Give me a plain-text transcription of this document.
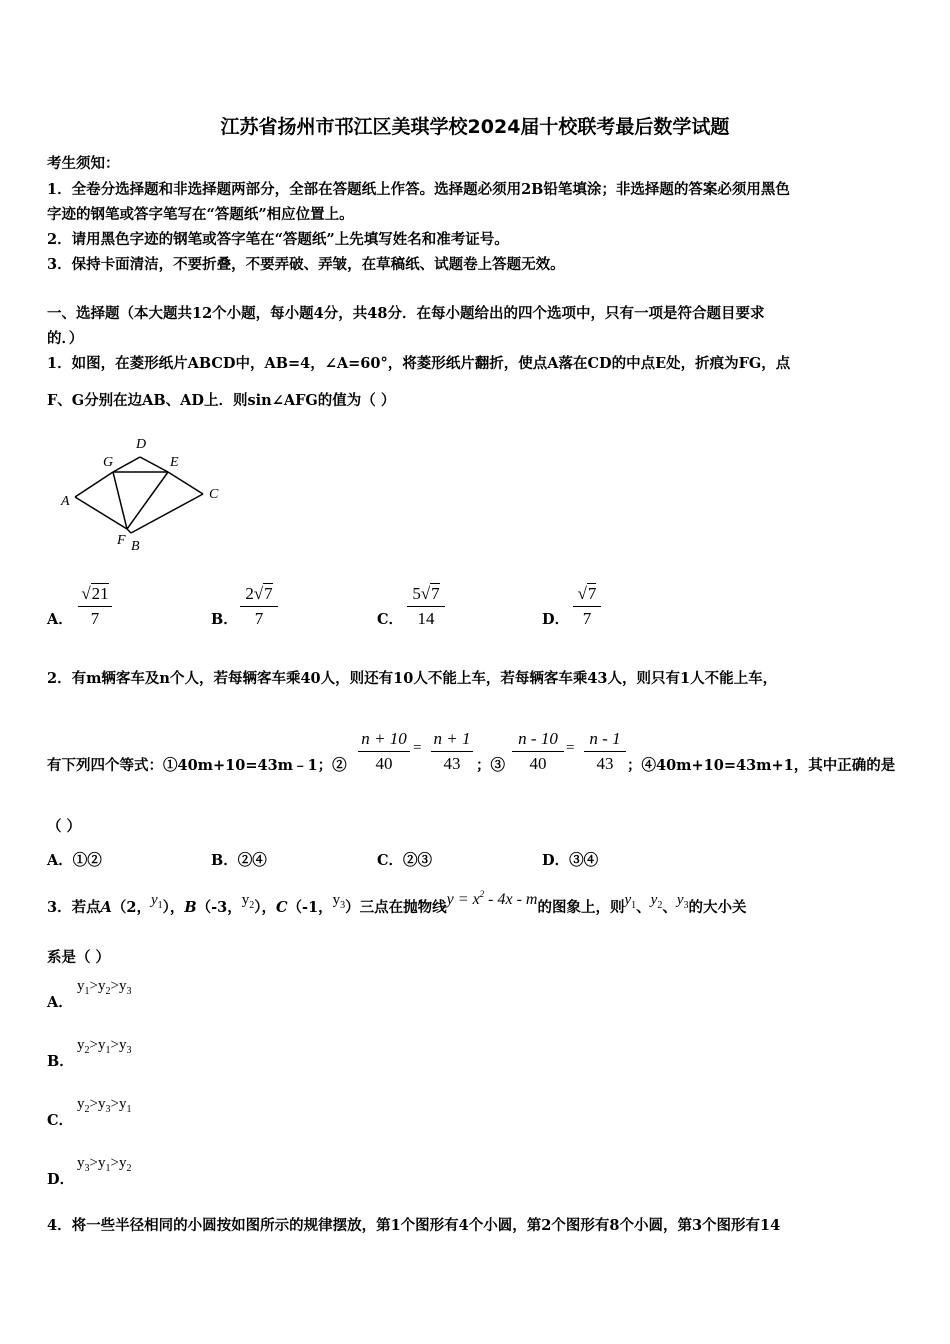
江苏省扬州市邗江区美琪学校2024届十校联考最后数学试题
考生须知：
1．全卷分选择题和非选择题两部分，全部在答题纸上作答。选择题必须用2B铅笔填涂；非选择题的答案必须用黑色
字迹的钢笔或答字笔写在“答题纸”相应位置上。
2．请用黑色字迹的钢笔或答字笔在“答题纸”上先填写姓名和准考证号。
3．保持卡面清洁，不要折叠，不要弄破、弄皱，在草稿纸、试题卷上答题无效。
一、选择题（本大题共12个小题，每小题4分，共48分．在每小题给出的四个选项中，只有一项是符合题目要求
的．）
1．如图，在菱形纸片ABCD中，AB=4，∠A=60°，将菱形纸片翻折，使点A落在CD的中点E处，折痕为FG，点
F、G分别在边AB、AD上．则sin∠AFG的值为（ ）
D
G	E
A	C
F B
A．
√21
7	B．
2√7
7	C．
5√7
14	D．
√7
7
2．有m辆客车及n个人，若每辆客车乘40人，则还有10人不能上车，若每辆客车乘43人，则只有1人不能上车，
有下列四个等式：①40m+10=43m﹣1；②
n + 10
40
= n + 1
43	；③
n - 10
40
= n - 1
43 ；④40m+10=43m+1，其中正确的是
（ ）
A．①②	B．②④	C．②③	D．③④
3．若点A（2，$y_1$），B（-3，$y_2$），C（-1，$y_3$）三点在抛物线$y = x^2 - 4x - m$的图象上，则$y_1$、$y_2$、$y_3$的大小关
系是（ ）
A．
$y_1>y_2>y_3$
B．
$y_2>y_1>y_3$
C．
$y_2>y_3>y_1$
D．
$y_3>y_1>y_2$
4．将一些半径相同的小圆按如图所示的规律摆放，第1个图形有4个小圆，第2个图形有8个小圆，第3个图形有14
